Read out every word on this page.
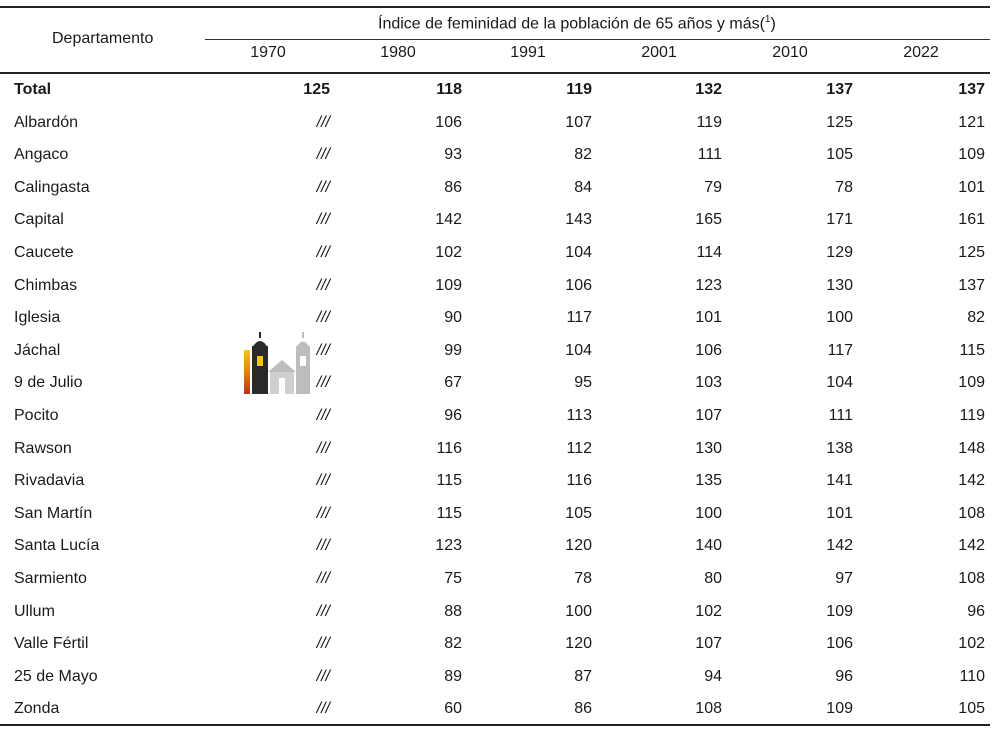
Departamento
Índice de feminidad de la población de 65 años y más($^1$)
1970	1980	1991	2001	2010	2022
Total	125	118	119	132	137	137
Albardón	///	106	107	119	125	121
Angaco	///	93	82	111	105	109
Calingasta	///	86	84	79	78	101
Capital	///	142	143	165	171	161
Caucete	///	102	104	114	129	125
Chimbas	///	109	106	123	130	137
Iglesia	///	90	117	101	100	82
Jáchal	///	99	104	106	117	115
9 de Julio	///	67	95	103	104	109
Pocito	///	96	113	107	111	119
Rawson	///	116	112	130	138	148
Rivadavia	///	115	116	135	141	142
San Martín	///	115	105	100	101	108
Santa Lucía	///	123	120	140	142	142
Sarmiento	///	75	78	80	97	108
Ullum	///	88	100	102	109	96
Valle Fértil	///	82	120	107	106	102
25 de Mayo	///	89	87	94	96	110
Zonda	///	60	86	108	109	105
